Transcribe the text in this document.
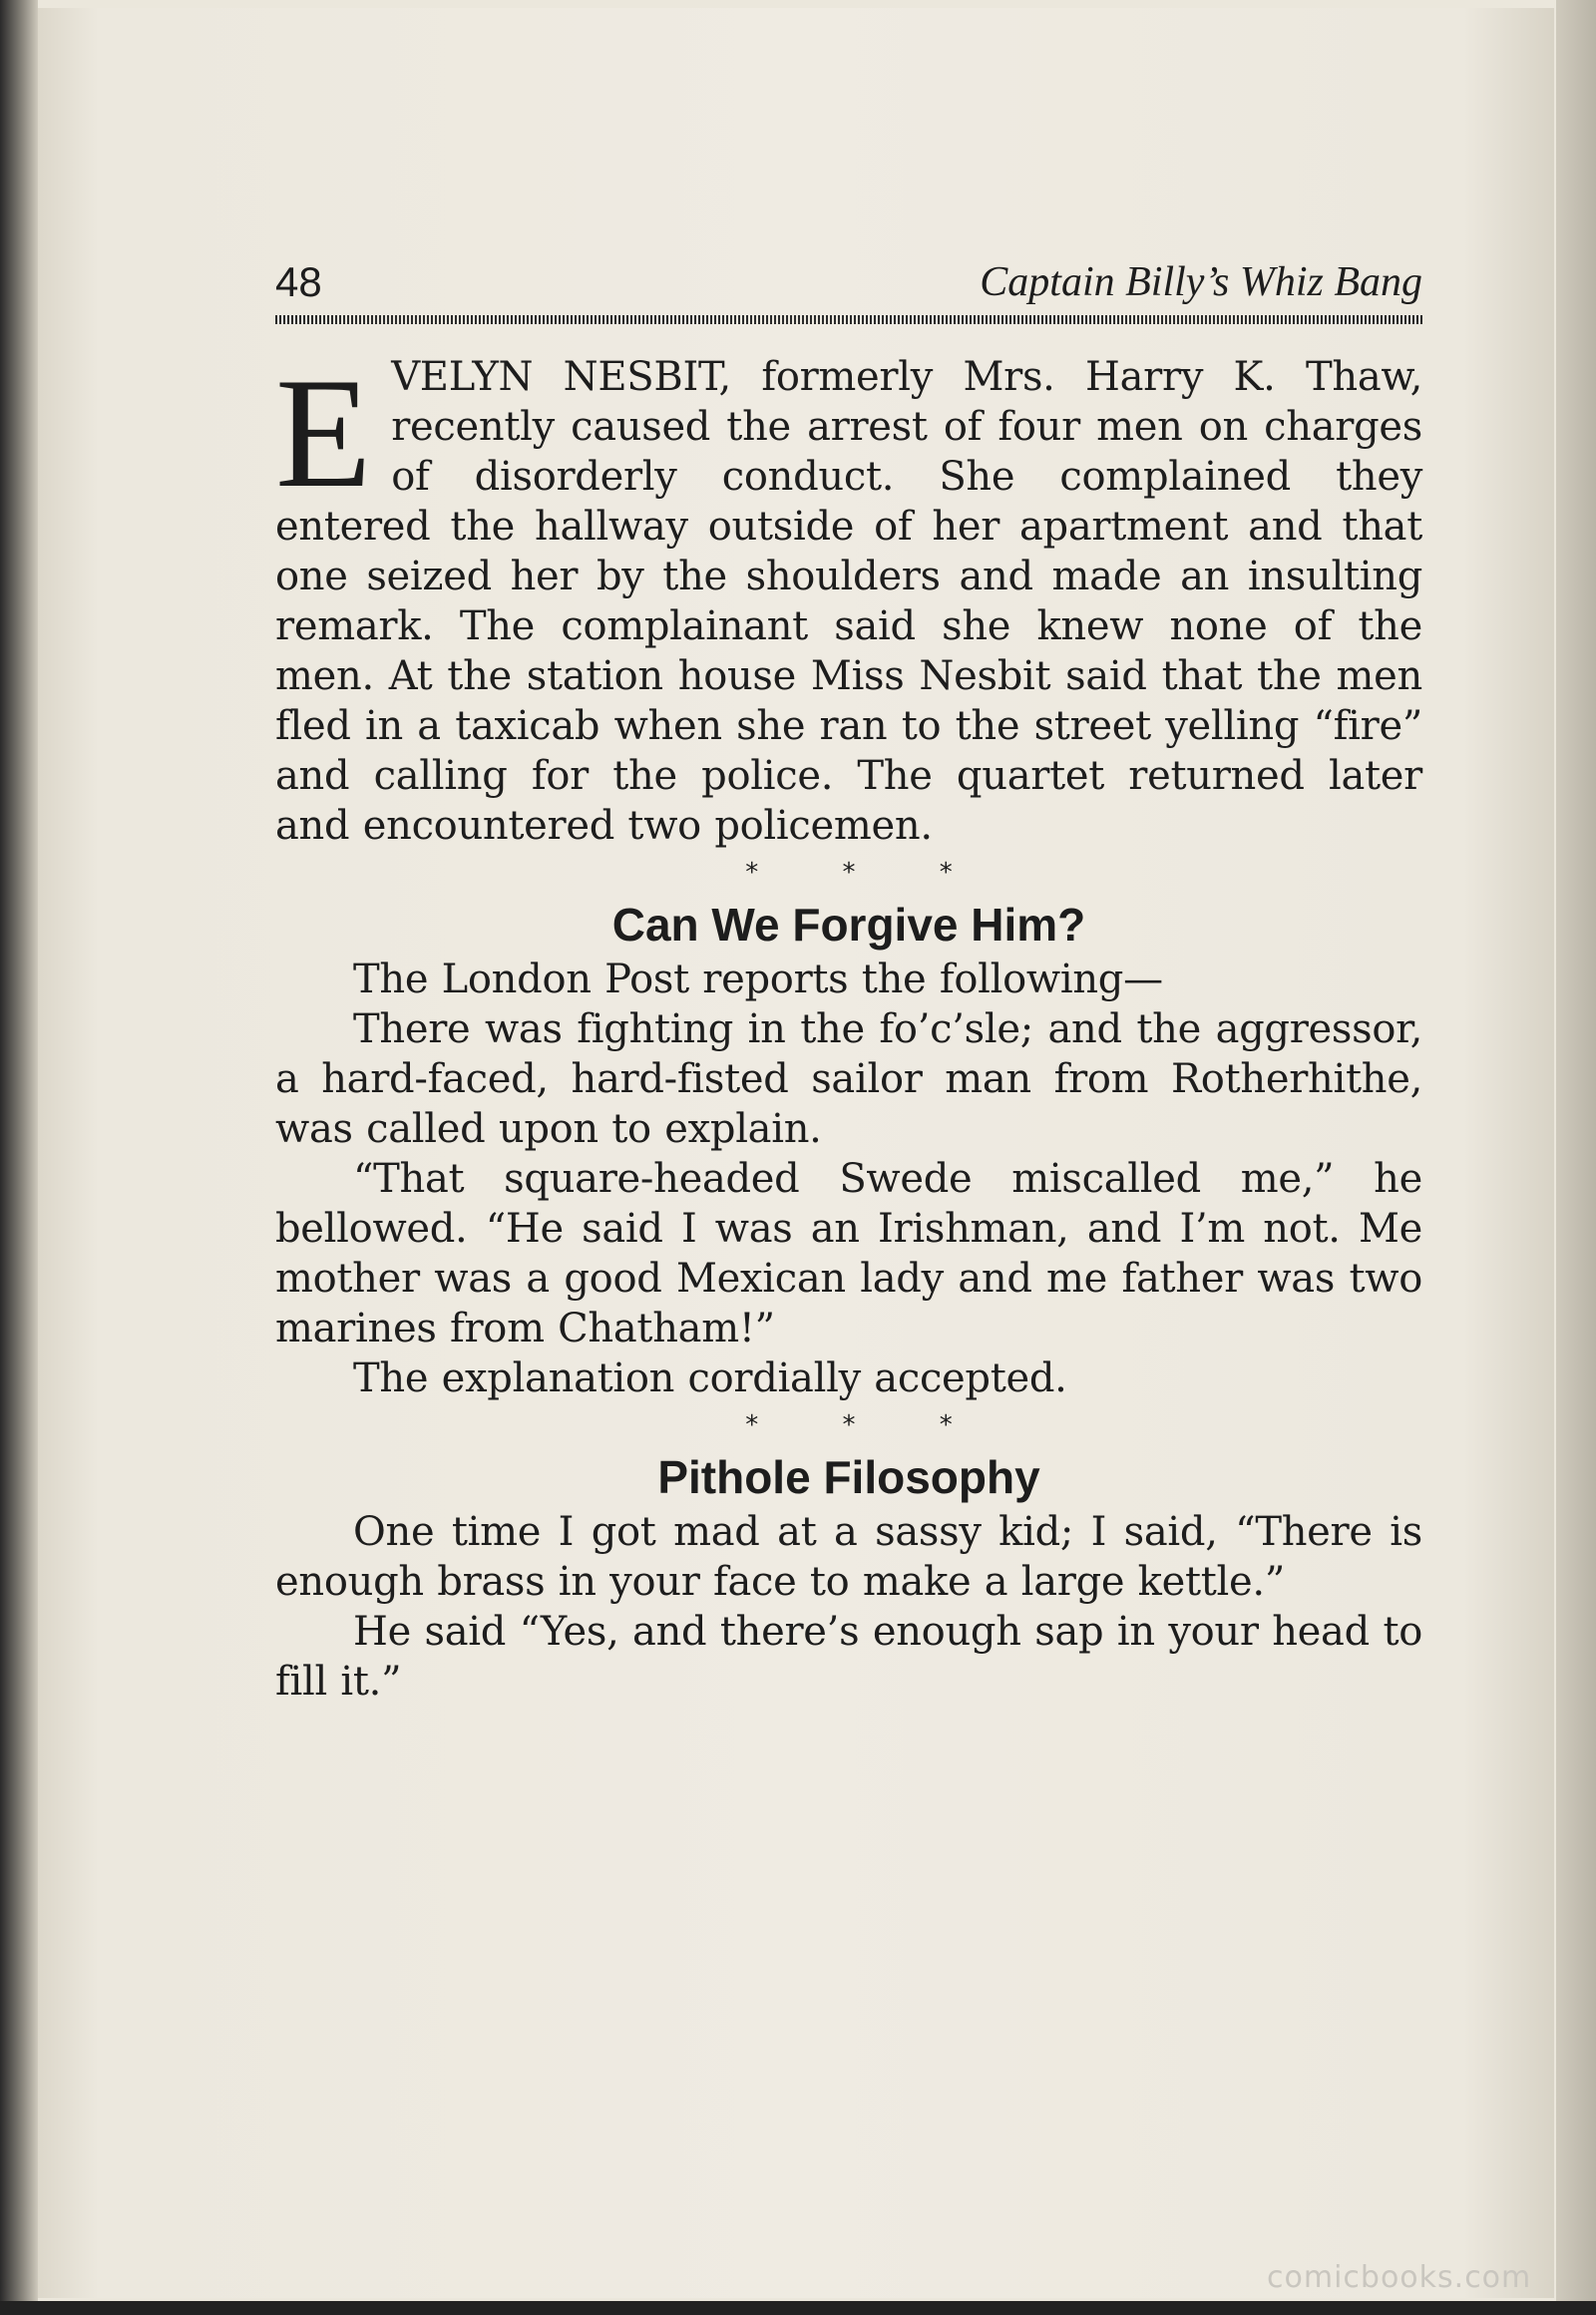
48	Captain Billy’s Whiz Bang
E VELYN NESBIT, formerly Mrs. Harry K. Thaw, recently caused the arrest of four men on charges of disorderly conduct. She complained they entered the hallway outside of her apartment and that one seized her by the shoulders and made an insulting remark. The complainant said she knew none of the men. At the station house Miss Nesbit said that the men fled in a taxicab when she ran to the street yelling “fire” and calling for the police. The quartet returned later and encountered two policemen.

* * *
Can We Forgive Him?

The London Post reports the following—

There was fighting in the fo’c’sle; and the aggressor, a hard-faced, hard-fisted sailor man from Rotherhithe, was called upon to explain.

“That square-headed Swede miscalled me,” he bellowed. “He said I was an Irishman, and I’m not. Me mother was a good Mexican lady and me father was two marines from Chatham!”

The explanation cordially accepted.

* * *
Pithole Filosophy

One time I got mad at a sassy kid; I said, “There is enough brass in your face to make a large kettle.”

He said “Yes, and there’s enough sap in your head to fill it.”

comicbooks.com
